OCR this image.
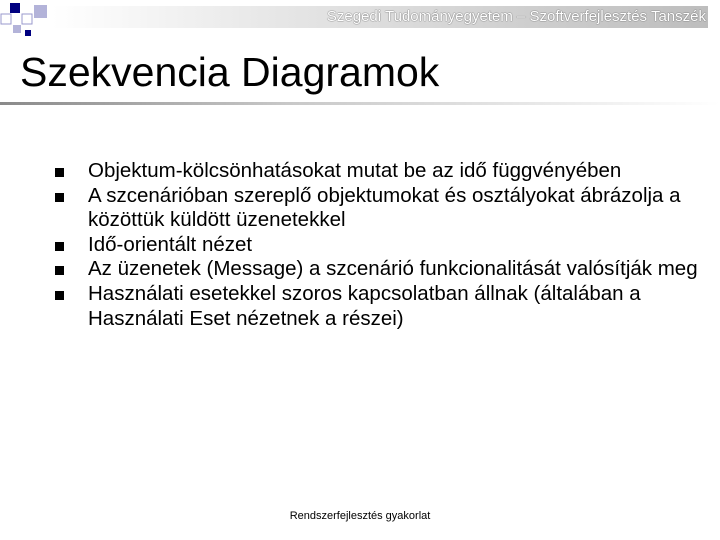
Szegedi Tudományegyetem – Szoftverfejlesztés Tanszék
Szekvencia Diagramok
Objektum-kölcsönhatásokat mutat be az idő függvényében
A szcenárióban szereplő objektumokat és osztályokat ábrázolja a közöttük küldött üzenetekkel
Idő-orientált nézet
Az üzenetek (Message) a szcenárió funkcionalitását valósítják meg
Használati esetekkel szoros kapcsolatban állnak (általában a Használati Eset nézetnek a részei)
Rendszerfejlesztés gyakorlat
